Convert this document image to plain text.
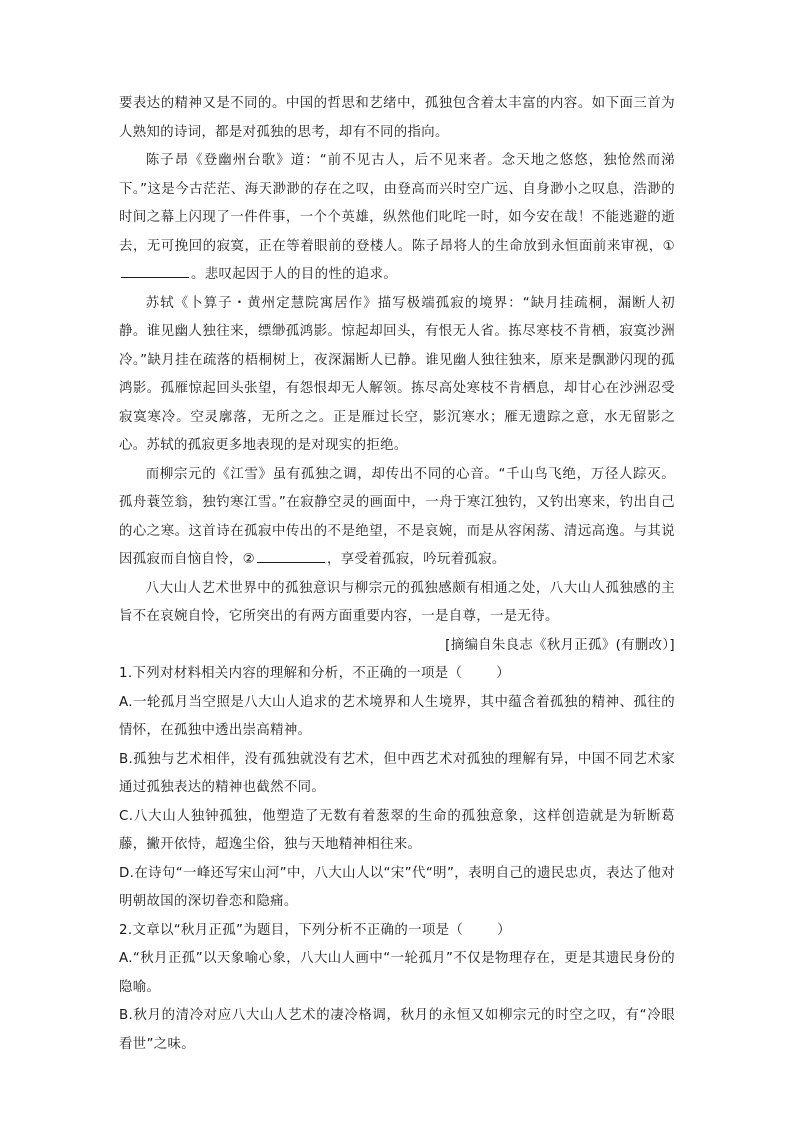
要表达的精神又是不同的。中国的哲思和艺绪中，孤独包含着太丰富的内容。如下面三首为人熟知的诗词，都是对孤独的思考，却有不同的指向。

陈子昂《登幽州台歌》道：“前不见古人，后不见来者。念天地之悠悠，独怆然而涕下。”这是今古茫茫、海天渺渺的存在之叹，由登高而兴时空广远、自身渺小之叹息，浩渺的时间之幕上闪现了一件件事，一个个英雄，纵然他们叱咤一时，如今安在哉！不能逃避的逝去，无可挽回的寂寞，正在等着眼前的登楼人。陈子昂将人的生命放到永恒面前来审视，①。悲叹起因于人的目的性的追求。

苏轼《卜算子・黄州定慧院寓居作》描写极端孤寂的境界：“缺月挂疏桐，漏断人初静。谁见幽人独往来，缥缈孤鸿影。惊起却回头，有恨无人省。拣尽寒枝不肯栖，寂寞沙洲冷。”缺月挂在疏落的梧桐树上，夜深漏断人已静。谁见幽人独往独来，原来是飘渺闪现的孤鸿影。孤雁惊起回头张望，有怨恨却无人解领。拣尽高处寒枝不肯栖息，却甘心在沙洲忍受寂寞寒冷。空灵廓落，无所之之。正是雁过长空，影沉寒水；雁无遗踪之意，水无留影之心。苏轼的孤寂更多地表现的是对现实的拒绝。

而柳宗元的《江雪》虽有孤独之调，却传出不同的心音。“千山鸟飞绝，万径人踪灭。孤舟蓑笠翁，独钓寒江雪。”在寂静空灵的画面中，一舟于寒江独钓，又钓出寒来，钓出自己的心之寒。这首诗在孤寂中传出的不是绝望，不是哀婉，而是从容闲荡、清远高逸。与其说因孤寂而自恼自怜，②	，享受着孤寂，吟玩着孤寂。

八大山人艺术世界中的孤独意识与柳宗元的孤独感颇有相通之处，八大山人孤独感的主旨不在哀婉自怜，它所突出的有两方面重要内容，一是自尊，一是无待。

[摘编自朱良志《秋月正孤》(有删改）]

1.下列对材料相关内容的理解和分析，不正确的一项是（	）

A.一轮孤月当空照是八大山人追求的艺术境界和人生境界，其中蕴含着孤独的精神、孤往的情怀，在孤独中透出崇高精神。

B.孤独与艺术相伴，没有孤独就没有艺术，但中西艺术对孤独的理解有异，中国不同艺术家通过孤独表达的精神也截然不同。

C.八大山人独钟孤独，他塑造了无数有着葱翠的生命的孤独意象，这样创造就是为斩断葛藤，撇开依恃，超逸尘俗，独与天地精神相往来。

D.在诗句“一峰还写宋山河”中，八大山人以“宋”代“明”，表明自己的遗民忠贞，表达了他对明朝故国的深切眷恋和隐痛。

2.文章以“秋月正孤”为题目，下列分析不正确的一项是（	）

A.“秋月正孤”以天象喻心象，八大山人画中“一轮孤月”不仅是物理存在，更是其遗民身份的隐喻。

B.秋月的清冷对应八大山人艺术的凄冷格调，秋月的永恒又如柳宗元的时空之叹，有“冷眼看世”之味。
